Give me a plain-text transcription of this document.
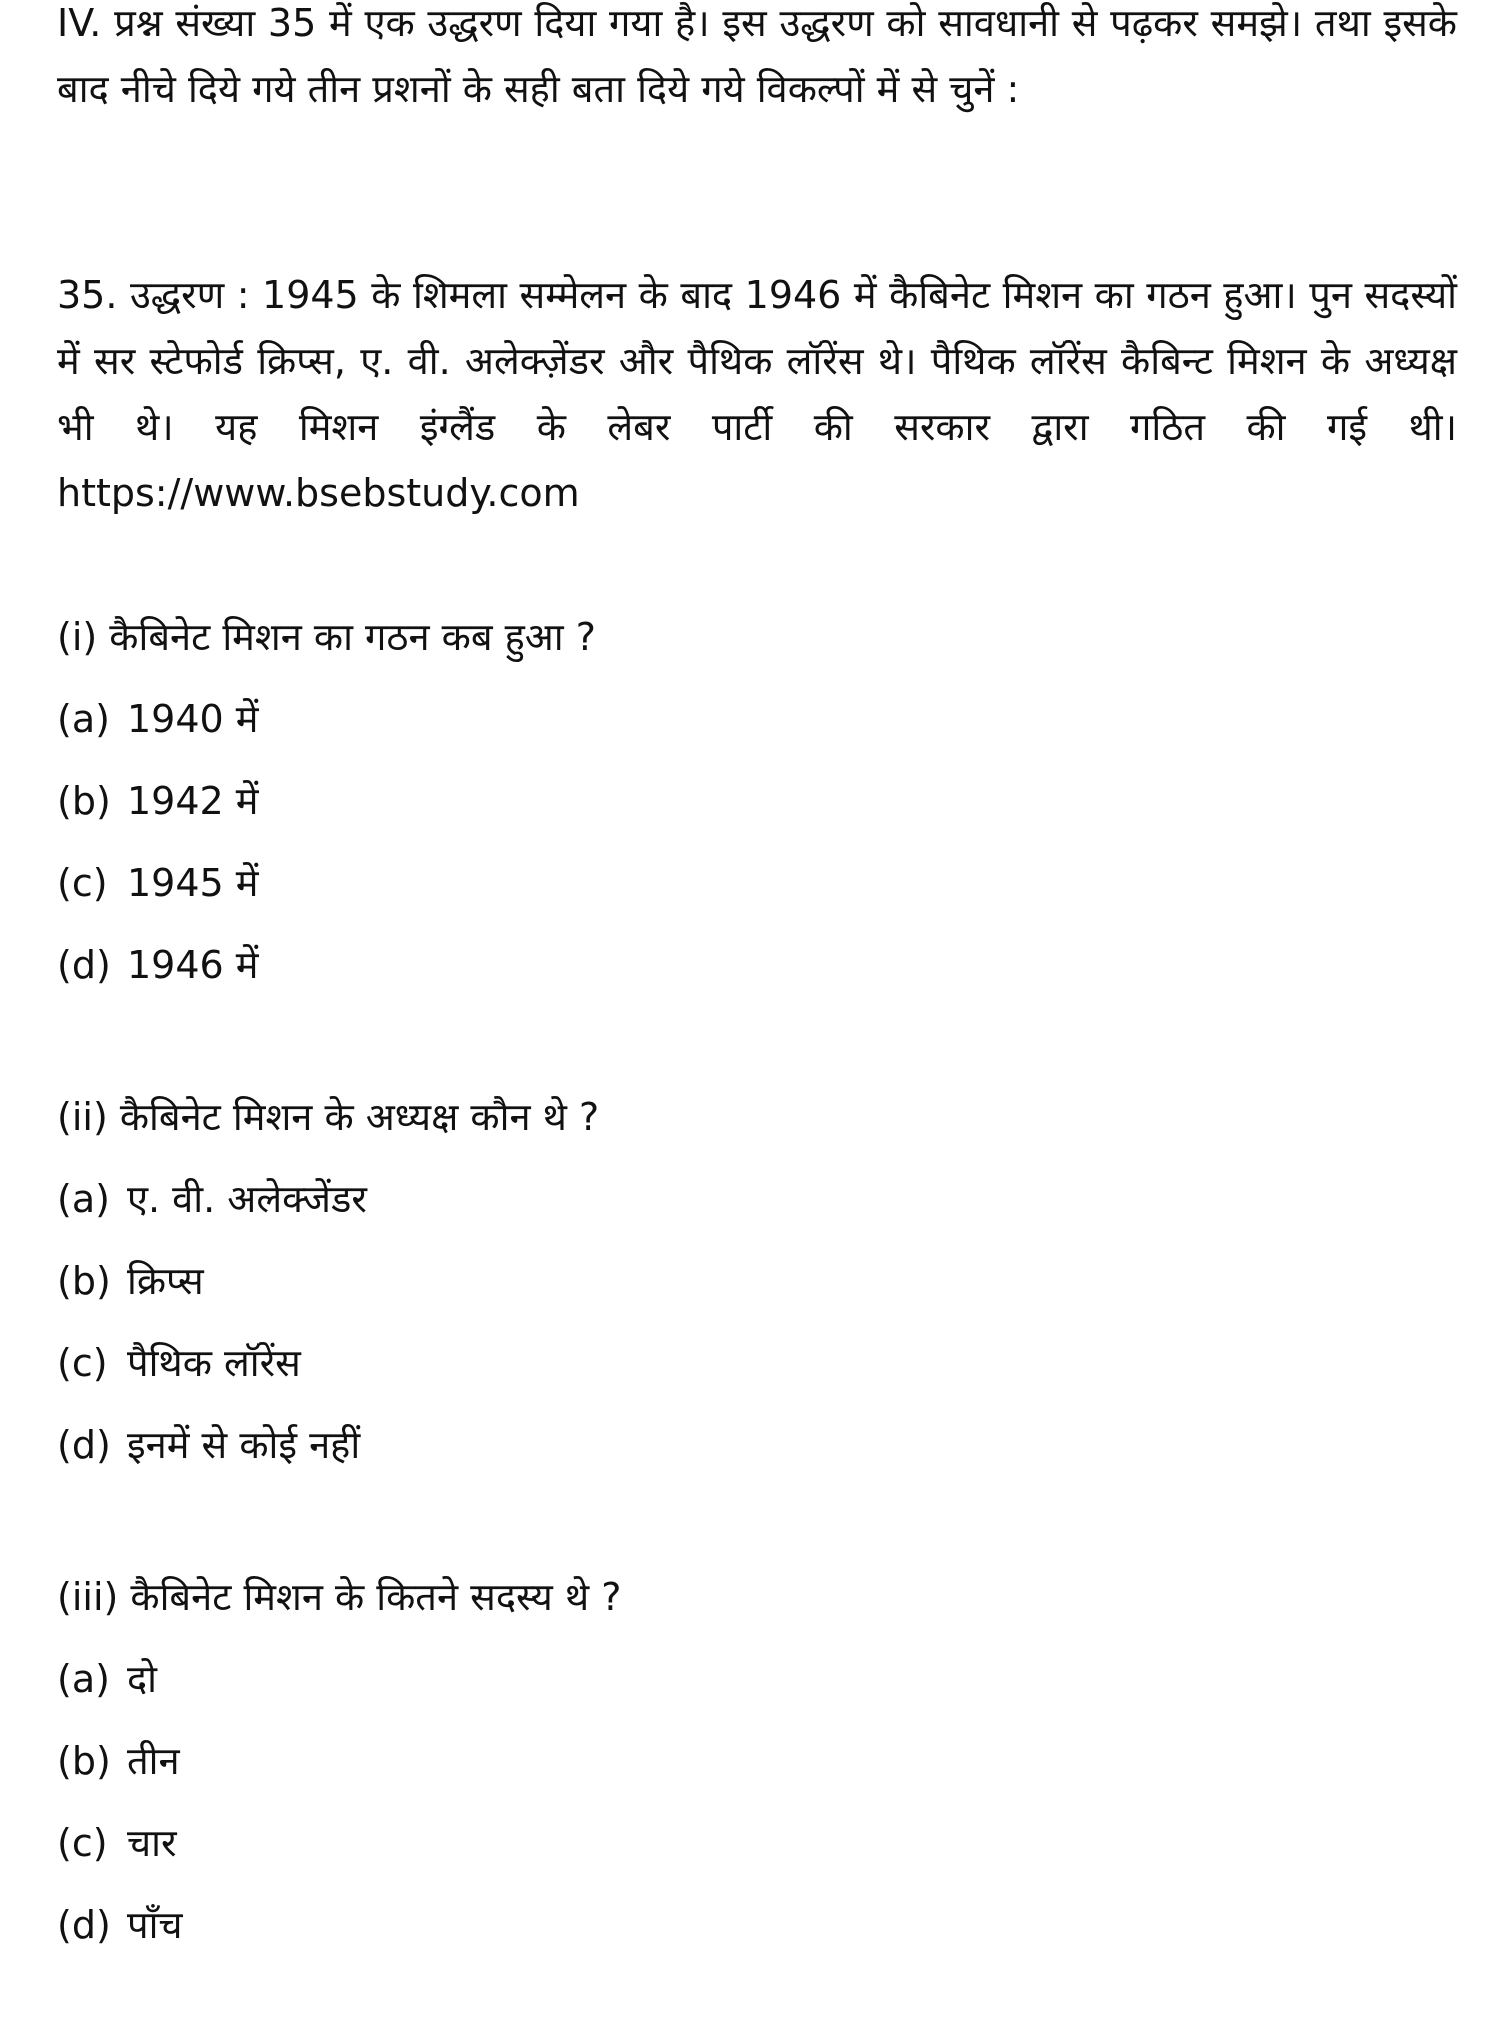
IV. प्रश्न संख्या 35 में एक उद्धरण दिया गया है। इस उद्धरण को सावधानी से पढ़कर समझे। तथा इसके बाद नीचे दिये गये तीन प्रशनों के सही बता दिये गये विकल्पों में से चुनें :

35. उद्धरण : 1945 के शिमला सम्मेलन के बाद 1946 में कैबिनेट मिशन का गठन हुआ। पुन सदस्यों में सर स्टेफोर्ड क्रिप्स, ए. वी. अलेक्ज़ेंडर और पैथिक लॉरेंस थे। पैथिक लॉरेंस कैबिन्ट मिशन के अध्यक्ष भी थे। यह मिशन इंग्लैंड के लेबर पार्टी की सरकार द्वारा गठित की गई थी। https://www.bsebstudy.com

(i) कैबिनेट मिशन का गठन कब हुआ ?

(a) 1940 में
(b) 1942 में
(c) 1945 में
(d) 1946 में

(ii) कैबिनेट मिशन के अध्यक्ष कौन थे ?

(a) ए. वी. अलेक्जेंडर
(b) क्रिप्स
(c) पैथिक लॉरेंस
(d) इनमें से कोई नहीं

(iii) कैबिनेट मिशन के कितने सदस्य थे ?

(a) दो
(b) तीन
(c) चार
(d) पाँच
